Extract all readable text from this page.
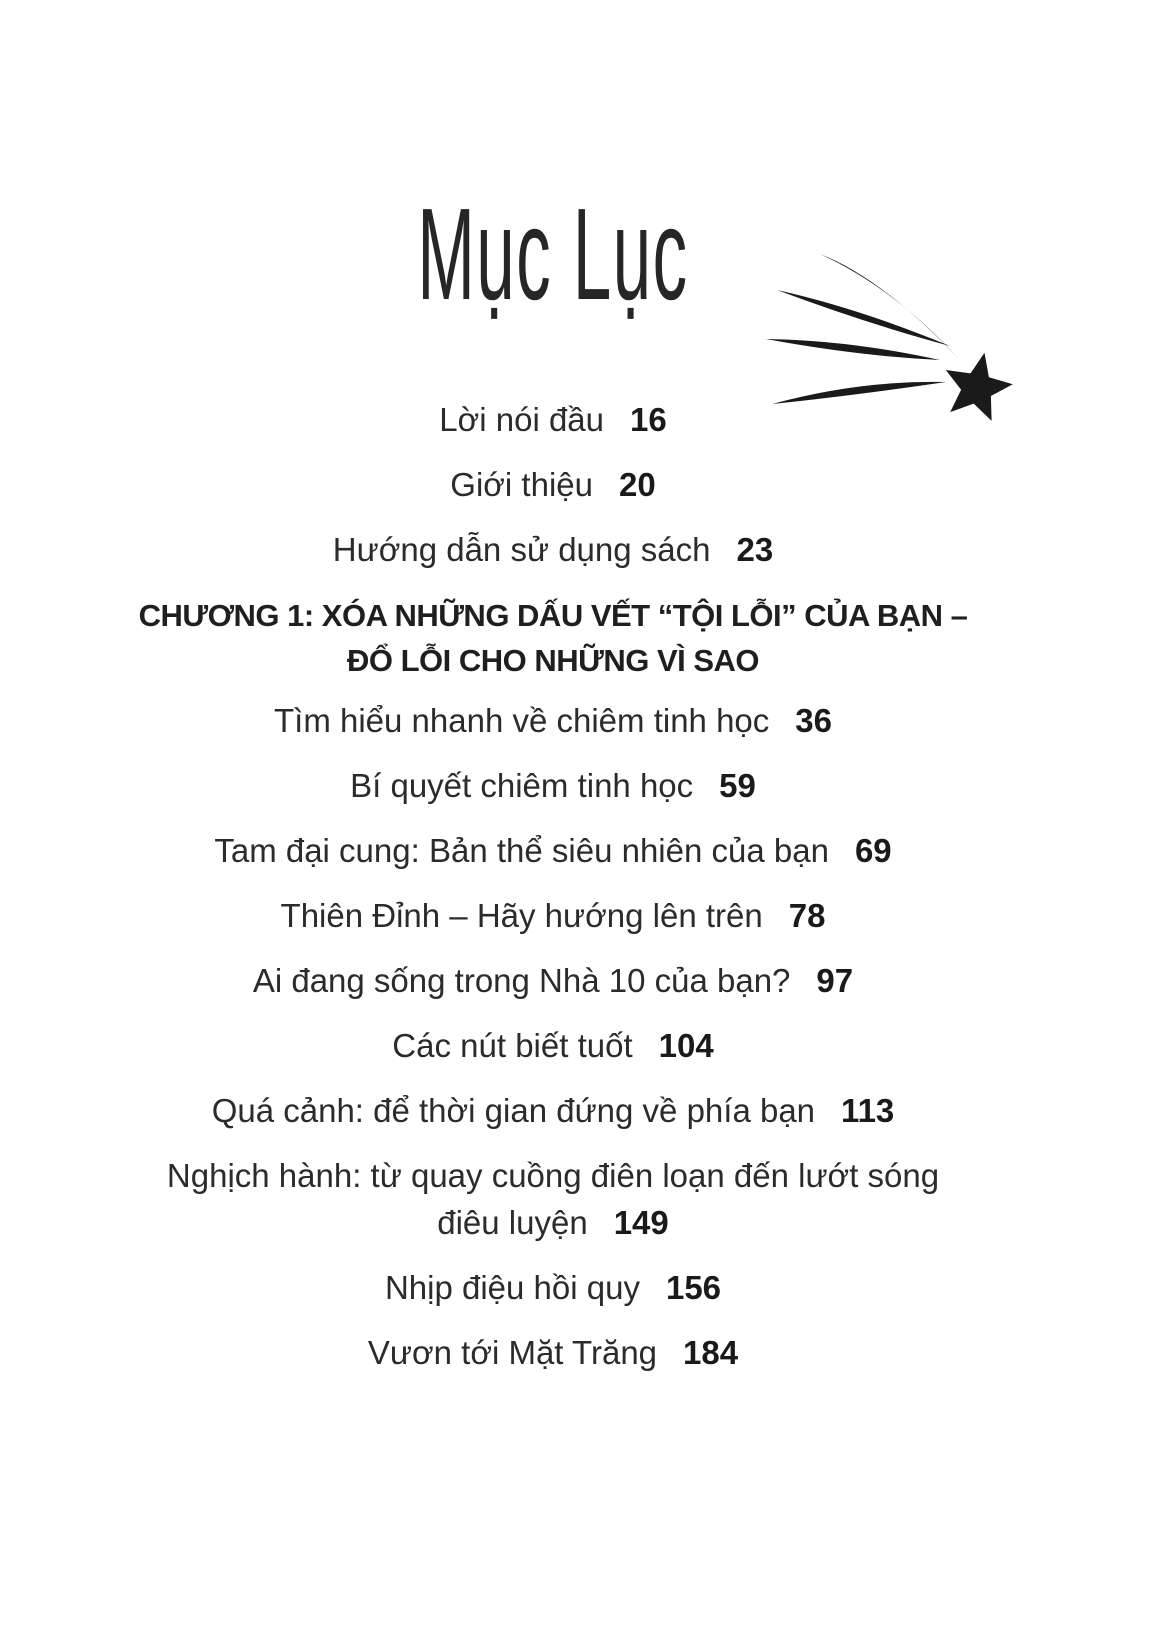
Mục Lục

Lời nói đầu 16

Giới thiệu 20

Hướng dẫn sử dụng sách 23

CHƯƠNG 1: XÓA NHỮNG DẤU VẾT “TỘI LỖI” CỦA BẠN –
ĐỔ LỖI CHO NHỮNG VÌ SAO

Tìm hiểu nhanh về chiêm tinh học 36

Bí quyết chiêm tinh học 59

Tam đại cung: Bản thể siêu nhiên của bạn 69

Thiên Đỉnh – Hãy hướng lên trên 78

Ai đang sống trong Nhà 10 của bạn? 97

Các nút biết tuốt 104

Quá cảnh: để thời gian đứng về phía bạn 113

Nghịch hành: từ quay cuồng điên loạn đến lướt sóng
điêu luyện 149

Nhịp điệu hồi quy 156

Vươn tới Mặt Trăng 184
